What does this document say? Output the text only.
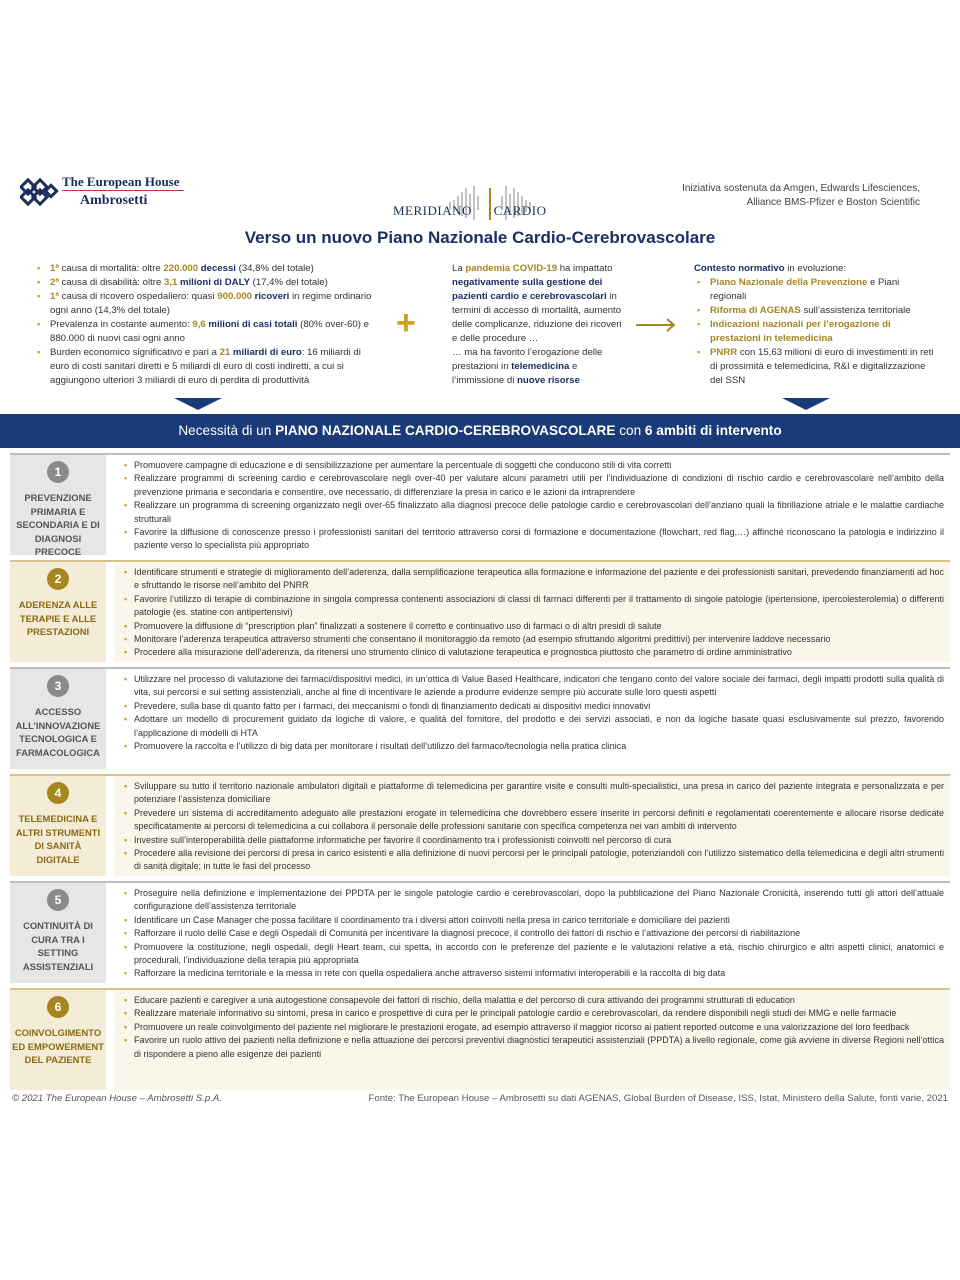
The European House
Ambrosetti
MERIDIANO CARDIO
Iniziativa sostenuta da Amgen, Edwards Lifesciences,
Alliance BMS-Pfizer e Boston Scientific
Verso un nuovo Piano Nazionale Cardio-Cerebrovascolare
• 1ª causa di mortalità: oltre 220.000 decessi (34,8% del totale)
• 2ª causa di disabilità: oltre 3,1 milioni di DALY (17,4% del totale)
• 1ª causa di ricovero ospedaliero: quasi 900.000 ricoveri in regime ordinario ogni anno (14,3% del totale)
• Prevalenza in costante aumento: 9,6 milioni di casi totali (80% over-60) e 880.000 di nuovi casi ogni anno
• Burden economico significativo e pari a 21 miliardi di euro: 16 miliardi di euro di costi sanitari diretti e 5 miliardi di euro di costi indiretti, a cui si aggiungono ulteriori 3 miliardi di euro di perdita di produttività
+
La pandemia COVID-19 ha impattato negativamente sulla gestione dei pazienti cardio e cerebrovascolari in termini di accesso di mortalità, aumento delle complicanze, riduzione dei ricoveri e delle procedure …
… ma ha favorito l’erogazione delle prestazioni in telemedicina e l’immissione di nuove risorse
Contesto normativo in evoluzione:
• Piano Nazionale della Prevenzione e Piani regionali
• Riforma di AGENAS sull’assistenza territoriale
• Indicazioni nazionali per l’erogazione di prestazioni in telemedicina
• PNRR con 15,63 milioni di euro di investimenti in reti di prossimità e telemedicina, R&I e digitalizzazione del SSN
Necessità di un PIANO NAZIONALE CARDIO-CEREBROVASCOLARE con 6 ambiti di intervento
1
PREVENZIONE PRIMARIA E SECONDARIA E DI DIAGNOSI PRECOCE
• Promuovere campagne di educazione e di sensibilizzazione per aumentare la percentuale di soggetti che conducono stili di vita corretti
• Realizzare programmi di screening cardio e cerebrovascolare negli over-40 per valutare alcuni parametri utili per l’individuazione di condizioni di rischio cardio e cerebrovascolare nell’ambito della prevenzione primaria e secondaria e consentire, ove necessario, di differenziare la presa in carico e le azioni da intraprendere
• Realizzare un programma di screening organizzato negli over-65 finalizzato alla diagnosi precoce delle patologie cardio e cerebrovascolari dell’anziano quali la fibrillazione atriale e le malattie cardiache strutturali
• Favorire la diffusione di conoscenze presso i professionisti sanitari del territorio attraverso corsi di formazione e documentazione (flowchart, red flag,…) affinché riconoscano la patologia e indirizzino il paziente verso lo specialista più appropriato
2
ADERENZA ALLE TERAPIE E ALLE PRESTAZIONI
• Identificare strumenti e strategie di miglioramento dell’aderenza, dalla semplificazione terapeutica alla formazione e informazione del paziente e dei professionisti sanitari, prevedendo finanziamenti ad hoc e sfruttando le risorse nell’ambito del PNRR
• Favorire l’utilizzo di terapie di combinazione in singola compressa contenenti associazioni di classi di farmaci differenti per il trattamento di singole patologie (ipertensione, ipercolesterolemia) o differenti patologie (es. statine con antipertensivi)
• Promuovere la diffusione di “prescription plan” finalizzati a sostenere il corretto e continuativo uso di farmaci o di altri presidi di salute
• Monitorare l’aderenza terapeutica attraverso strumenti che consentano il monitoraggio da remoto (ad esempio sfruttando algoritmi predittivi) per intervenire laddove necessario
• Procedere alla misurazione dell’aderenza, da ritenersi uno strumento clinico di valutazione terapeutica e prognostica piuttosto che parametro di ordine amministrativo
3
ACCESSO ALL’INNOVAZIONE TECNOLOGICA E FARMACOLOGICA
• Utilizzare nel processo di valutazione dei farmaci/dispositivi medici, in un’ottica di Value Based Healthcare, indicatori che tengano conto del valore sociale dei farmaci, degli impatti prodotti sulla qualità di vita, sui percorsi e sui setting assistenziali, anche al fine di incentivare le aziende a produrre evidenze sempre più accurate sulle loro questi aspetti
• Prevedere, sulla base di quanto fatto per i farmaci, dei meccanismi o fondi di finanziamento dedicati ai dispositivi medici innovativi
• Adottare un modello di procurement guidato da logiche di valore, e qualità del fornitore, del prodotto e dei servizi associati, e non da logiche basate quasi esclusivamente sul prezzo, favorendo l’applicazione di modelli di HTA
• Promuovere la raccolta e l’utilizzo di big data per monitorare i risultati dell’utilizzo del farmaco/tecnologia nella pratica clinica
4
TELEMEDICINA E ALTRI STRUMENTI DI SANITÀ DIGITALE
• Sviluppare su tutto il territorio nazionale ambulatori digitali e piattaforme di telemedicina per garantire visite e consulti multi-specialistici, una presa in carico del paziente integrata e personalizzata e per potenziare l’assistenza domiciliare
• Prevedere un sistema di accreditamento adeguato alle prestazioni erogate in telemedicina che dovrebbero essere inserite in percorsi definiti e regolamentati coerentemente e allocare risorse dedicate specificatamente ai percorsi di telemedicina a cui collabora il personale delle professioni sanitarie con specifica competenza nei vari ambiti di intervento
• Investire sull’interoperabilità delle piattaforme informatiche per favorire il coordinamento tra i professionisti coinvolti nel percorso di cura
• Procedere alla revisione dei percorsi di presa in carico esistenti e alla definizione di nuovi percorsi per le principali patologie, potenziandoli con l’utilizzo sistematico della telemedicina e degli altri strumenti di sanità digitale; in tutte le fasi del processo
5
CONTINUITÀ DI CURA TRA I SETTING ASSISTENZIALI
• Proseguire nella definizione e implementazione dei PPDTA per le singole patologie cardio e cerebrovascolari, dopo la pubblicazione del Piano Nazionale Cronicità, inserendo tutti gli attori dell’attuale configurazione dell’assistenza territoriale
• Identificare un Case Manager che possa facilitare il coordinamento tra i diversi attori coinvolti nella presa in carico territoriale e domiciliare dei pazienti
• Rafforzare il ruolo delle Case e degli Ospedali di Comunità per incentivare la diagnosi precoce, il controllo dei fattori di rischio e l’attivazione dei percorsi di riabilitazione
• Promuovere la costituzione, negli ospedali, degli Heart team, cui spetta, in accordo con le preferenze del paziente e le valutazioni relative a età, rischio chirurgico e altri aspetti clinici, anatomici e procedurali, l’individuazione della terapia più appropriata
• Rafforzare la medicina territoriale e la messa in rete con quella ospedaliera anche attraverso sistemi informativi interoperabili e la raccolta di big data
6
COINVOLGIMENTO ED EMPOWERMENT DEL PAZIENTE
• Educare pazienti e caregiver a una autogestione consapevole dei fattori di rischio, della malattia e del percorso di cura attivando dei programmi strutturati di education
• Realizzare materiale informativo su sintomi, presa in carico e prospettive di cura per le principali patologie cardio e cerebrovascolari, da rendere disponibili negli studi dei MMG e nelle farmacie
• Promuovere un reale coinvolgimento del paziente nel migliorare le prestazioni erogate, ad esempio attraverso il maggior ricorso ai patient reported outcome e una valorizzazione del loro feedback
• Favorire un ruolo attivo dei pazienti nella definizione e nella attuazione dei percorsi preventivi diagnostici terapeutici assistenziali (PPDTA) a livello regionale, come già avviene in diverse Regioni nell’ottica di rispondere a pieno alle esigenze dei pazienti
© 2021 The European House – Ambrosetti S.p.A.	Fonte: The European House – Ambrosetti su dati AGENAS, Global Burden of Disease, ISS, Istat, Ministero della Salute, fonti varie, 2021
